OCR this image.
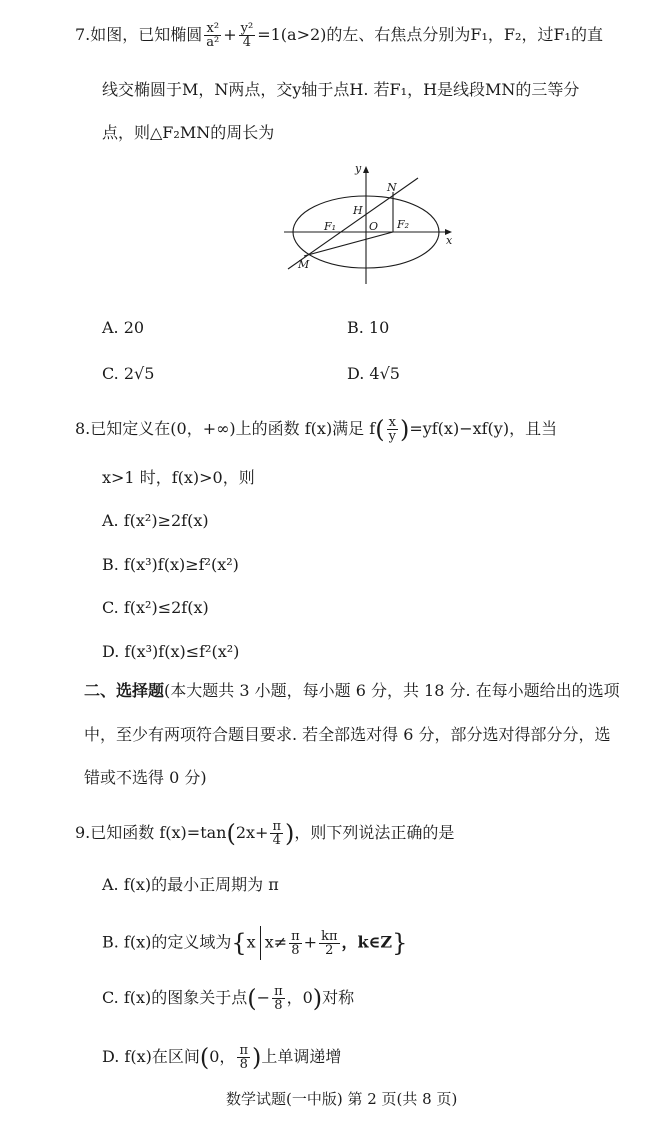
7.如图，已知椭圆 $\frac{\text{x²}}{\text{a²}} + \frac{\text{y²}}{4} =1(a>2)$的左、右焦点分别为F₁，F₂，过F₁的直
线交椭圆于M，N两点，交y轴于点H. 若F₁，H是线段MN的三等分
点，则△F₂MN的周长为
y
N
H
O
F₁	F₂
x
M
A. 20	B. 10
C. 2√5	D. 4√5
8.已知定义在(0，+∞)上的函数 f(x)满足 $f( \frac{x}{y} )=yf(x)-xf(y)$，且当
x>1 时，f(x)>0，则
A. f(x²)≥2f(x)
B. f(x³)f(x)≥f²(x²)
C. f(x²)≤2f(x)
D. f(x³)f(x)≤f²(x²)
二、选择题(本大题共 3 小题，每小题 6 分，共 18 分. 在每小题给出的选项
中，至少有两项符合题目要求. 若全部选对得 6 分，部分选对得部分分，选
错或不选得 0 分)
9.已知函数 $f(x)=\tan(2x+ \frac{\pi}{4}$ )，则下列说法正确的是
A. f(x)的最小正周期为 π
B. f(x)的定义域为{x $x\ne \frac{\pi}{8} + \frac{k\pi}{2}$ ，k∈Z}
C. f(x)的图象关于点(− $\frac{\pi}{8}$ ，0)对称
D. f(x)在区间(0， $\frac{\pi}{8}$ )上单调递增
数学试题(一中版) 第 2 页(共 8 页)
